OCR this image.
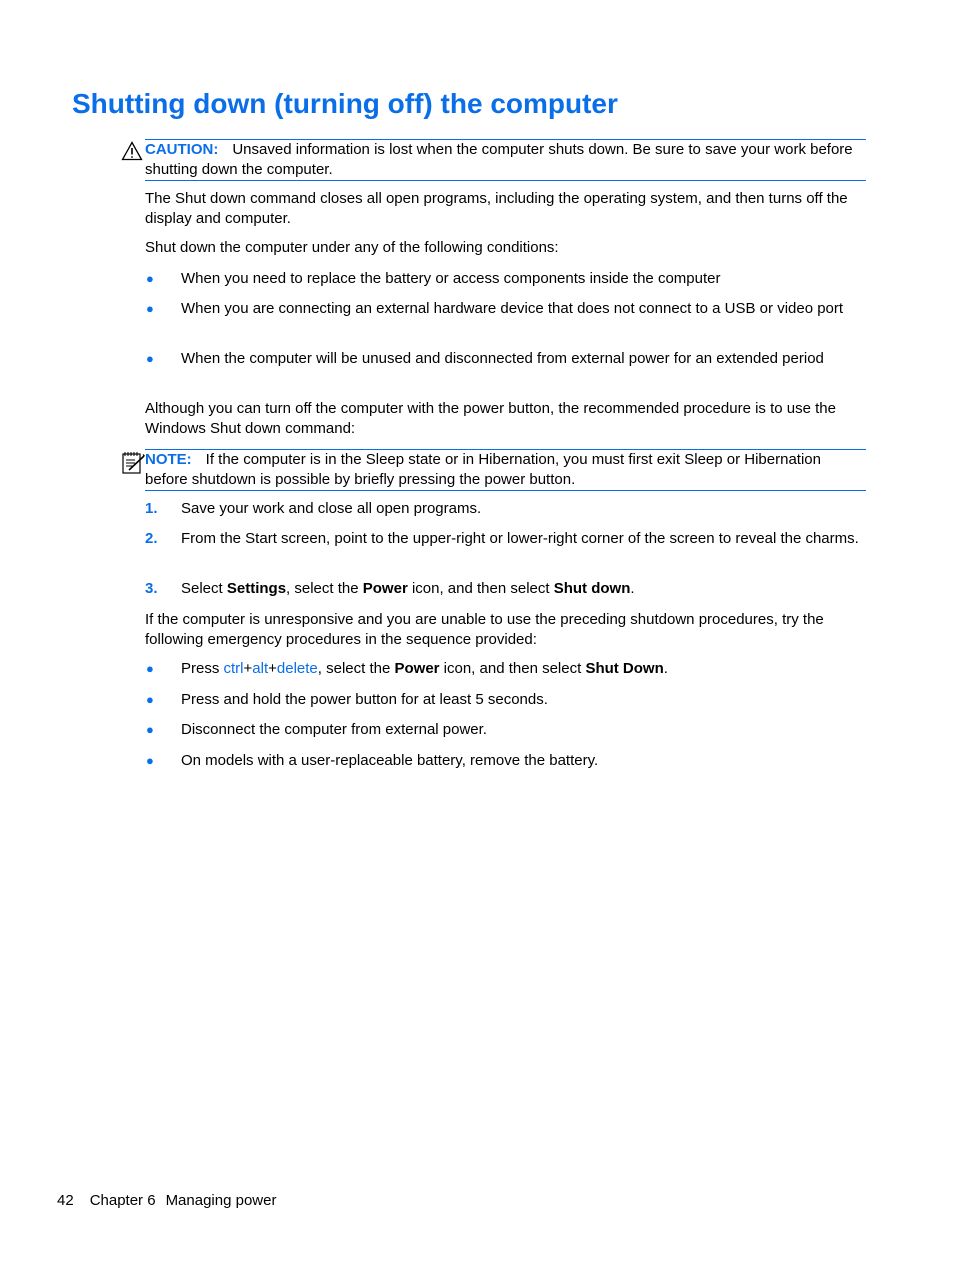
Shutting down (turning off) the computer
CAUTION: Unsaved information is lost when the computer shuts down. Be sure to save your work before shutting down the computer.

The Shut down command closes all open programs, including the operating system, and then turns off the display and computer.

Shut down the computer under any of the following conditions:

● When you need to replace the battery or access components inside the computer
● When you are connecting an external hardware device that does not connect to a USB or video port
● When the computer will be unused and disconnected from external power for an extended period

Although you can turn off the computer with the power button, the recommended procedure is to use the Windows Shut down command:

NOTE: If the computer is in the Sleep state or in Hibernation, you must first exit Sleep or Hibernation before shutdown is possible by briefly pressing the power button.
1. Save your work and close all open programs.
2. From the Start screen, point to the upper-right or lower-right corner of the screen to reveal the charms.
3. Select Settings, select the Power icon, and then select Shut down.

If the computer is unresponsive and you are unable to use the preceding shutdown procedures, try the following emergency procedures in the sequence provided:

● Press ctrl+alt+delete, select the Power icon, and then select Shut Down.
● Press and hold the power button for at least 5 seconds.
● Disconnect the computer from external power.
● On models with a user-replaceable battery, remove the battery.
42 Chapter 6 Managing power
